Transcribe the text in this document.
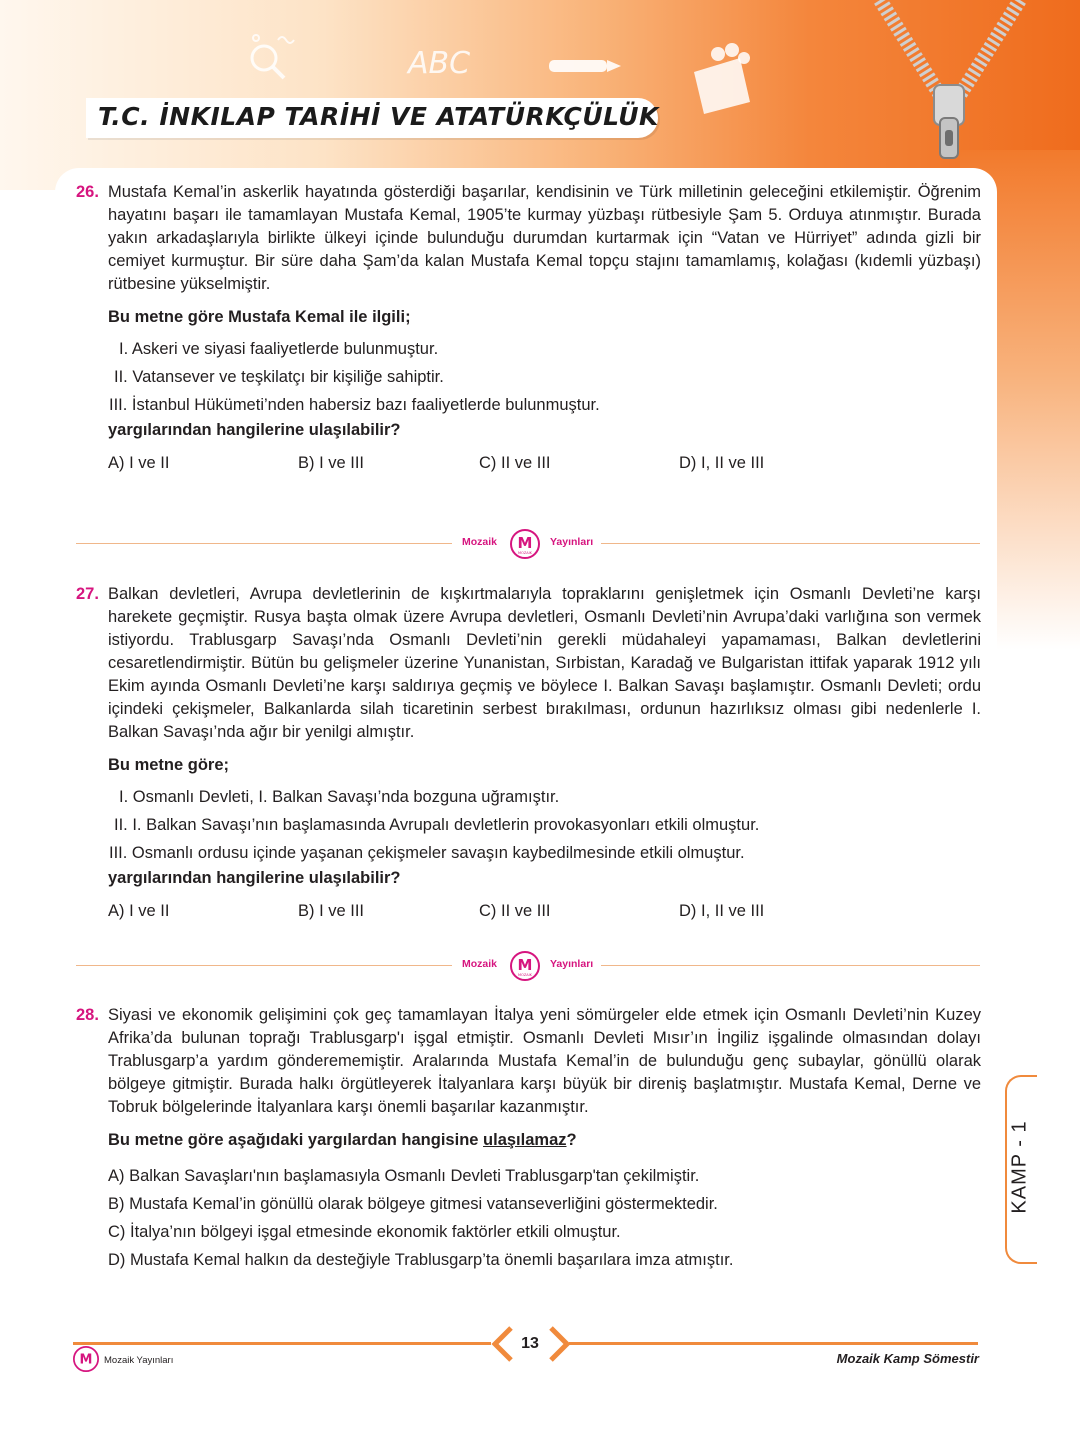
ABC
T.C. İNKILAP TARİHİ VE ATATÜRKÇÜLÜK
26. Mustafa Kemal’in askerlik hayatında gösterdiği başarılar, kendisinin ve Türk milletinin geleceğini etkilemiştir. Öğrenim hayatını başarı ile tamamlayan Mustafa Kemal, 1905’te kurmay yüzbaşı rütbesiyle Şam 5. Orduya atınmıştır. Burada yakın arkadaşlarıyla birlikte ülkeyi içinde bulunduğu durumdan kurtarmak için “Vatan ve Hürriyet” adında gizli bir cemiyet kurmuştur. Bir süre daha Şam’da kalan Mustafa Kemal topçu stajını tamamlamış, kolağası (kıdemli yüzbaşı) rütbesine yükselmiştir.

Bu metne göre Mustafa Kemal ile ilgili;
I. Askeri ve siyasi faaliyetlerde bulunmuştur.
II. Vatansever ve teşkilatçı bir kişiliğe sahiptir.
III. İstanbul Hükümeti’nden habersiz bazı faaliyetlerde bulunmuştur.
yargılarından hangilerine ulaşılabilir?
A) I ve II	B) I ve III	C) II ve III	D) I, II ve III
Mozaik M
MOZAIK
Yayınları
27. Balkan devletleri, Avrupa devletlerinin de kışkırtmalarıyla topraklarını genişletmek için Osmanlı Devleti’ne karşı harekete geçmiştir. Rusya başta olmak üzere Avrupa devletleri, Osmanlı Devleti’nin Avrupa’daki varlığına son vermek istiyordu. Trablusgarp Savaşı’nda Osmanlı Devleti’nin gerekli müdahaleyi yapamaması, Balkan devletlerini cesaretlendirmiştir. Bütün bu gelişmeler üzerine Yunanistan, Sırbistan, Karadağ ve Bulgaristan ittifak yaparak 1912 yılı Ekim ayında Osmanlı Devleti’ne karşı saldırıya geçmiş ve böylece I. Balkan Savaşı başlamıştır. Osmanlı Devleti; ordu içindeki çekişmeler, Balkanlarda silah ticaretinin serbest bırakılması, ordunun hazırlıksız olması gibi nedenlerle I. Balkan Savaşı’nda ağır bir yenilgi almıştır.

Bu metne göre;
I. Osmanlı Devleti, I. Balkan Savaşı’nda bozguna uğramıştır.
II. I. Balkan Savaşı’nın başlamasında Avrupalı devletlerin provokasyonları etkili olmuştur.
III. Osmanlı ordusu içinde yaşanan çekişmeler savaşın kaybedilmesinde etkili olmuştur.
yargılarından hangilerine ulaşılabilir?
A) I ve II	B) I ve III	C) II ve III	D) I, II ve III
Mozaik M
MOZAIK
Yayınları
28. Siyasi ve ekonomik gelişimini çok geç tamamlayan İtalya yeni sömürgeler elde etmek için Osmanlı Devleti’nin Kuzey Afrika’da bulunan toprağı Trablusgarp'ı işgal etmiştir. Osmanlı Devleti Mısır’ın İngiliz işgalinde olmasından dolayı Trablusgarp’a yardım gönderememiştir. Aralarında Mustafa Kemal’in de bulunduğu genç subaylar, gönüllü olarak bölgeye gitmiştir. Burada halkı örgütleyerek İtalyanlara karşı büyük bir direniş başlatmıştır. Mustafa Kemal, Derne ve Tobruk bölgelerinde İtalyanlara karşı önemli başarılar kazanmıştır.

Bu metne göre aşağıdaki yargılardan hangisine ulaşılamaz?
A) Balkan Savaşları'nın başlamasıyla Osmanlı Devleti Trablusgarp'tan çekilmiştir.
B) Mustafa Kemal’in gönüllü olarak bölgeye gitmesi vatanseverliğini göstermektedir.
C) İtalya’nın bölgeyi işgal etmesinde ekonomik faktörler etkili olmuştur.
D) Mustafa Kemal halkın da desteğiyle Trablusgarp’ta önemli başarılara imza atmıştır.
KAMP - 1
13
M Mozaik Yayınları	Mozaik Kamp Sömestir
